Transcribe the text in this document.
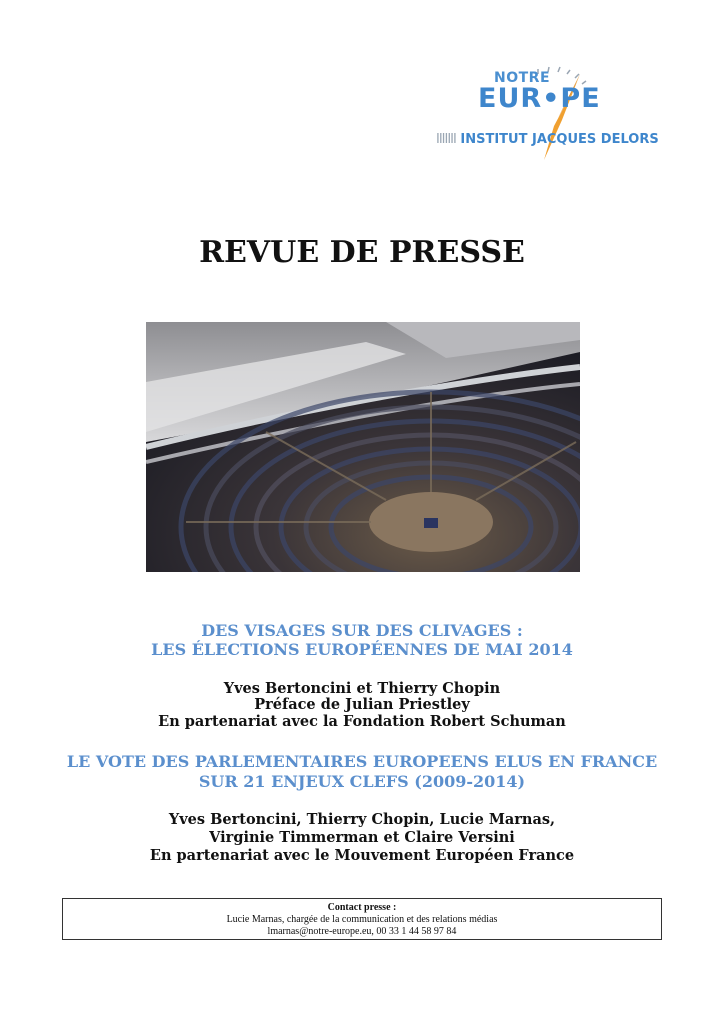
NOTRE
EUR•PE
IIIIIII INSTITUT JACQUES DELORS
REVUE DE PRESSE
DES VISAGES SUR DES CLIVAGES :
LES ÉLECTIONS EUROPÉENNES DE MAI 2014
Yves Bertoncini et Thierry Chopin
Préface de Julian Priestley
En partenariat avec la Fondation Robert Schuman
LE VOTE DES PARLEMENTAIRES EUROPEENS ELUS EN FRANCE
SUR 21 ENJEUX CLEFS (2009-2014)
Yves Bertoncini, Thierry Chopin, Lucie Marnas,
Virginie Timmerman et Claire Versini
En partenariat avec le Mouvement Européen France
Contact presse :
Lucie Marnas, chargée de la communication et des relations médias
lmarnas@notre-europe.eu, 00 33 1 44 58 97 84
